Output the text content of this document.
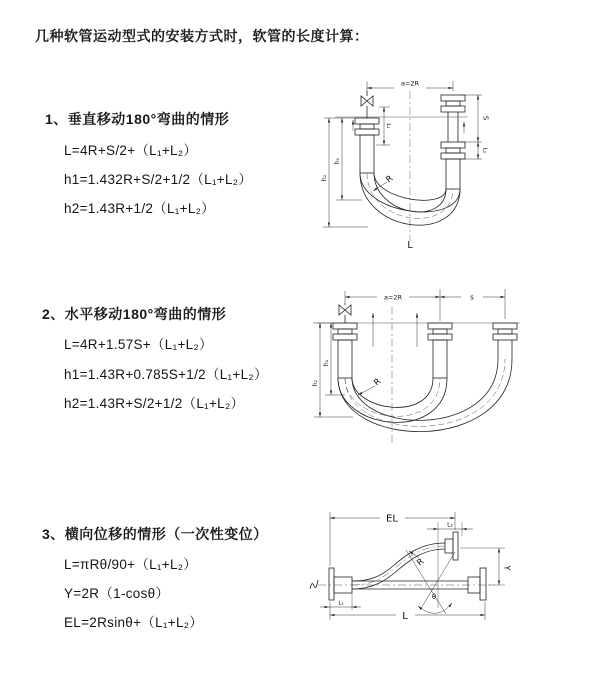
几种软管运动型式的安装方式时，软管的长度计算：
1、垂直移动180°弯曲的情形
L=4R+S/2+（L₁+L₂）
h1=1.432R+S/2+1/2（L₁+L₂）
h2=1.43R+1/2（L₁+L₂）
2、水平移动180°弯曲的情形
L=4R+1.57S+（L₁+L₂）
h1=1.43R+0.785S+1/2（L₁+L₂）
h2=1.43R+S/2+1/2（L₁+L₂）
3、横向位移的情形（一次性变位）
L=πRθ/90+（L₁+L₂）
Y=2R（1-cosθ）
EL=2Rsinθ+（L₁+L₂）
a=2R
S
L₂
L₁
h₁
h₂	R
L
a=2R	s
h₁
h₂	R
EL
L₂
Y
R
θ
L
L₁
